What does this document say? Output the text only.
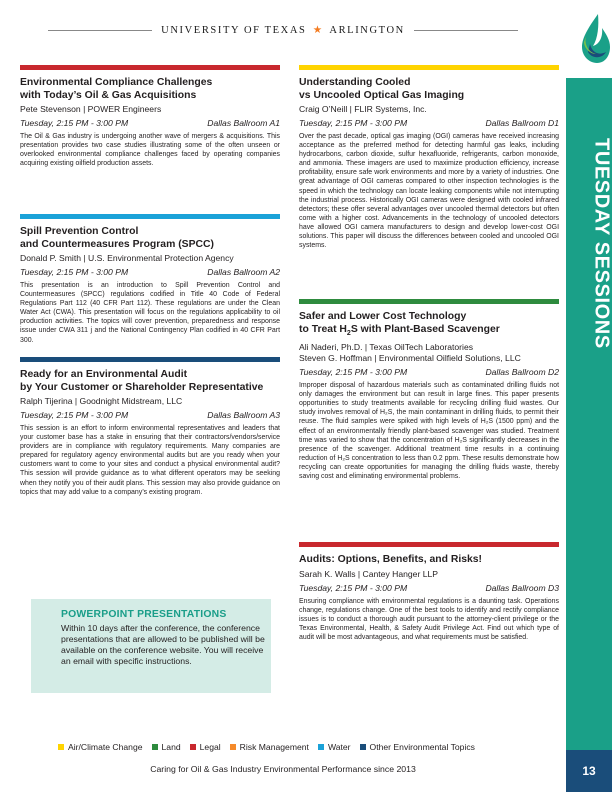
UNIVERSITY OF TEXAS ★ ARLINGTON
TUESDAY SESSIONS
13
Environmental Compliance Challenges
with Today’s Oil & Gas Acquisitions
Pete Stevenson | POWER Engineers
Tuesday, 2:15 PM - 3:00 PM	Dallas Ballroom A1
The Oil & Gas industry is undergoing another wave of mergers & acquisitions. This presentation provides two case studies illustrating some of the often unseen or overlooked environmental compliance challenges faced by operating companies acquiring existing oilfield production assets.
Spill Prevention Control
and Countermeasures Program (SPCC)
Donald P. Smith | U.S. Environmental Protection Agency
Tuesday, 2:15 PM - 3:00 PM	Dallas Ballroom A2
This presentation is an introduction to Spill Prevention Control and Countermeasures (SPCC) regulations codified in Title 40 Code of Federal Regulations Part 112 (40 CFR Part 112). These regulations are under the Clean Water Act (CWA). This presentation will focus on the regulations applicability to oil production activities. The topics will cover prevention, preparedness and response issue under CWA 311 j and the National Contingency Plan codified in 40 CFR Part 300.
Ready for an Environmental Audit
by Your Customer or Shareholder Representative
Ralph Tijerina | Goodnight Midstream, LLC
Tuesday, 2:15 PM - 3:00 PM	Dallas Ballroom A3
This session is an effort to inform environmental representatives and leaders that your customer base has a stake in ensuring that their contractors/vendors/service providers are in compliance with regulatory requirements. Many companies are prepared for regulatory agency environmental audits but are you ready when your customers want to come to your sites and conduct a physical environmental audit? This session will provide guidance as to what different operators may be seeking when they notify you of their audit plans. This session may also provide guidance on topics that may add value to a company’s existing program.
POWERPOINT PRESENTATIONS
Within 10 days after the conference, the conference presentations that are allowed to be published will be available on the conference website. You will receive an email with specific instructions.
Understanding Cooled
vs Uncooled Optical Gas Imaging
Craig O’Neill | FLIR Systems, Inc.
Tuesday, 2:15 PM - 3:00 PM	Dallas Ballroom D1
Over the past decade, optical gas imaging (OGI) cameras have received increasing acceptance as the preferred method for detecting harmful gas leaks, including hydrocarbons, carbon dioxide, sulfur hexafluoride, refrigerants, carbon monoxide, and ammonia. These imagers are used to maximize production efficiency, increase profitability, ensure safe work environments and more by a variety of industries. One great advantage of OGI cameras compared to other inspection technologies is the speed in which the technology can locate leaking components while not interrupting the industrial process. Historically OGI cameras were designed with cooled infrared detectors; these offer several advantages over uncooled thermal detectors but often come with a higher cost. Advancements in the technology of uncooled detectors have allowed OGI camera manufacturers to design and develop lower-cost OGI solutions. This paper will discuss the differences between cooled and uncooled OGI systems.
Safer and Lower Cost Technology
to Treat $H_2S$ with Plant-Based Scavenger
Ali Naderi, Ph.D. | Texas OilTech Laboratories
Steven G. Hoffman | Environmental Oilfield Solutions, LLC
Tuesday, 2:15 PM - 3:00 PM	Dallas Ballroom D2
Improper disposal of hazardous materials such as contaminated drilling fluids not only damages the environment but can result in large fines. This paper presents opportunities to study treatments available for recycling drilling fluid wastes. Our study involves removal of H₂S, the main contaminant in drilling fluids, to permit their reuse. The fluid samples were spiked with high levels of H₂S (1500 ppm) and the effect of an environmentally friendly plant-based scavenger was studied. Treatment time was varied to show that the concentration of H₂S significantly decreases in the presence of the scavenger. Additional treatment time results in a continuing reduction of H₂S concentration to less than 0.2 ppm. These results demonstrate how recycling can create opportunities for managing the drilling fluids waste, thereby saving cost and eliminating environmental problems.
Audits: Options, Benefits, and Risks!
Sarah K. Walls | Cantey Hanger LLP
Tuesday, 2:15 PM - 3:00 PM	Dallas Ballroom D3
Ensuring compliance with environmental regulations is a daunting task. Operations change, regulations change. One of the best tools to identify and rectify compliance issues is to conduct a thorough audit pursuant to the attorney-client privilege or the Texas Environmental, Health, & Safety Audit Privilege Act. Find out which type of audit will be most advantageous, and what requirements must be satisfied.
Air/Climate Change Land Legal Risk Management Water Other Environmental Topics
Caring for Oil & Gas Industry Environmental Performance since 2013
